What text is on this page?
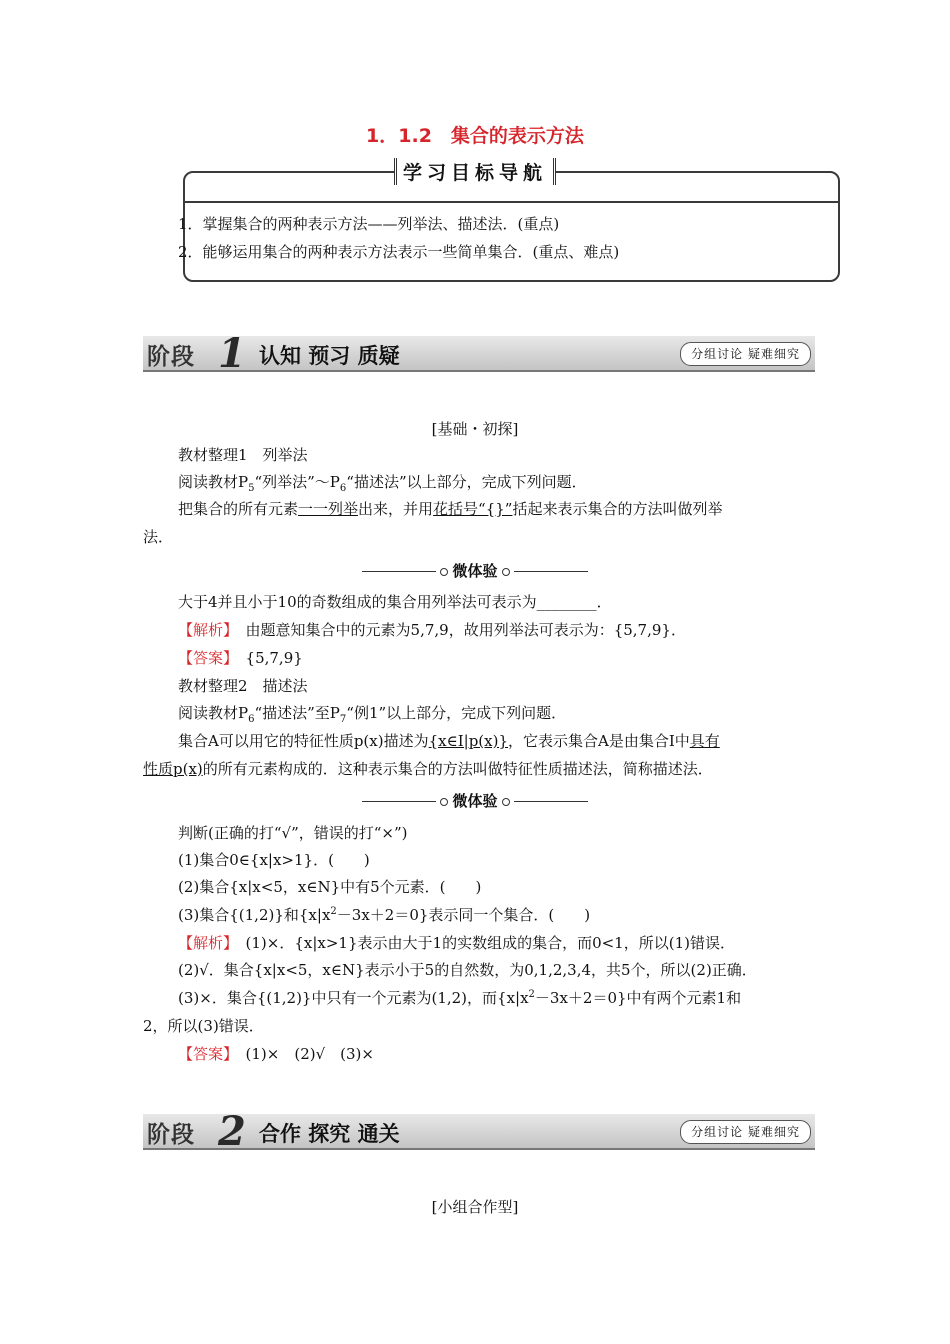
1．1.2　集合的表示方法
学习目标导航
1．掌握集合的两种表示方法——列举法、描述法．(重点)
2．能够运用集合的两种表示方法表示一些简单集合．(重点、难点)
阶段 1 认知 预习 质疑	分组讨论 疑难细究
[基础・初探]
教材整理1　列举法
阅读教材$P_5“$列举法$”\sim P_6“$描述法”以上部分，完成下列问题．
把集合的所有元素一一列举出来，并用花括号“{}”括起来表示集合的方法叫做列举
法．
微体验
大于4并且小于10的奇数组成的集合用列举法可表示为________．
【解析】　 由题意知集合中的元素为5,7,9，故用列举法可表示为：{5,7,9}．
【答案】　 {5,7,9}
教材整理2　描述法
阅读教材$P_6“$描述法”至$P_7“$例1”以上部分，完成下列问题．
集合A可以用它的特征性质p(x)描述为{x∈I|p(x)}，它表示集合A是由集合I中具有
性质p(x)的所有元素构成的．这种表示集合的方法叫做特征性质描述法，简称描述法．
微体验
判断(正确的打“√”，错误的打“×”)
(1)集合0∈{x|x>1}．(　　)
(2)集合{x|x<5，x∈N}中有5个元素．(　　)
(3)集合{(1,2)}和$\{x|x^2-3x+2=0\}$表示同一个集合．(　　)
【解析】　 (1)×．{x|x>1}表示由大于1的实数组成的集合，而0<1，所以(1)错误．
(2)√．集合{x|x<5，x∈N}表示小于5的自然数，为0,1,2,3,4，共5个，所以(2)正确．
(3)×．集合{(1,2)}中只有一个元素为(1,2)，而$\{x|x^2-3x+2=0\}$中有两个元素1和
2，所以(3)错误．
【答案】　 (1)×　(2)√　(3)×
阶段 2 合作 探究 通关	分组讨论 疑难细究
[小组合作型]
